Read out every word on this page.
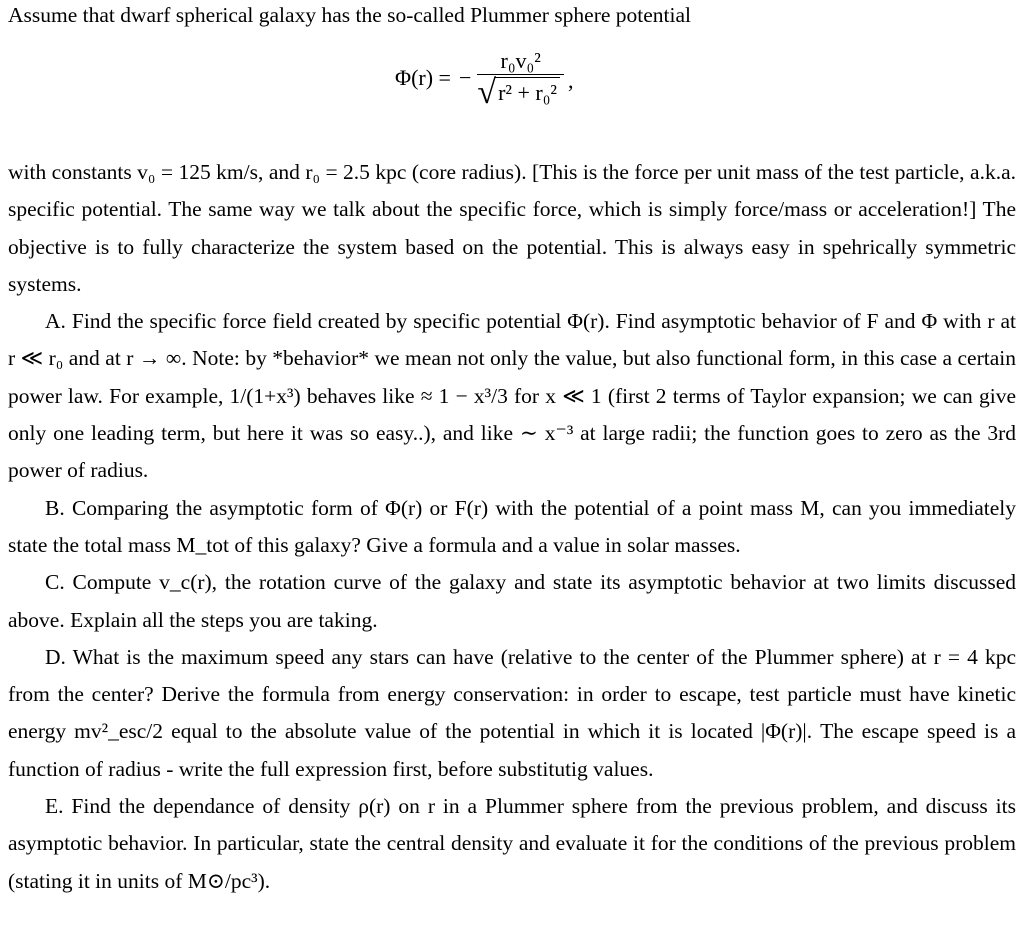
Assume that dwarf spherical galaxy has the so-called Plummer sphere potential

Φ(r) = − $\frac{\text{r₀v₀²}}{\text{√ r² + r₀²}}$ ,

with constants v₀ = 125 km/s, and r₀ = 2.5 kpc (core radius). [This is the force per unit mass of the test particle, a.k.a. specific potential. The same way we talk about the specific force, which is simply force/mass or acceleration!] The objective is to fully characterize the system based on the potential. This is always easy in spehrically symmetric systems.

A. Find the specific force field created by specific potential Φ(r). Find asymptotic behavior of F and Φ with r at r ≪ r₀ and at r → ∞. Note: by *behavior* we mean not only the value, but also functional form, in this case a certain power law. For example, 1/(1+x³) behaves like ≈ 1 − x³/3 for x ≪ 1 (first 2 terms of Taylor expansion; we can give only one leading term, but here it was so easy..), and like ∼ x⁻³ at large radii; the function goes to zero as the 3rd power of radius.

B. Comparing the asymptotic form of Φ(r) or F(r) with the potential of a point mass M, can you immediately state the total mass M_tot of this galaxy? Give a formula and a value in solar masses.

C. Compute v_c(r), the rotation curve of the galaxy and state its asymptotic behavior at two limits discussed above. Explain all the steps you are taking.

D. What is the maximum speed any stars can have (relative to the center of the Plummer sphere) at r = 4 kpc from the center? Derive the formula from energy conservation: in order to escape, test particle must have kinetic energy mv²_esc/2 equal to the absolute value of the potential in which it is located |Φ(r)|. The escape speed is a function of radius - write the full expression first, before substitutig values.

E. Find the dependance of density ρ(r) on r in a Plummer sphere from the previous problem, and discuss its asymptotic behavior. In particular, state the central density and evaluate it for the conditions of the previous problem (stating it in units of M⊙/pc³).
